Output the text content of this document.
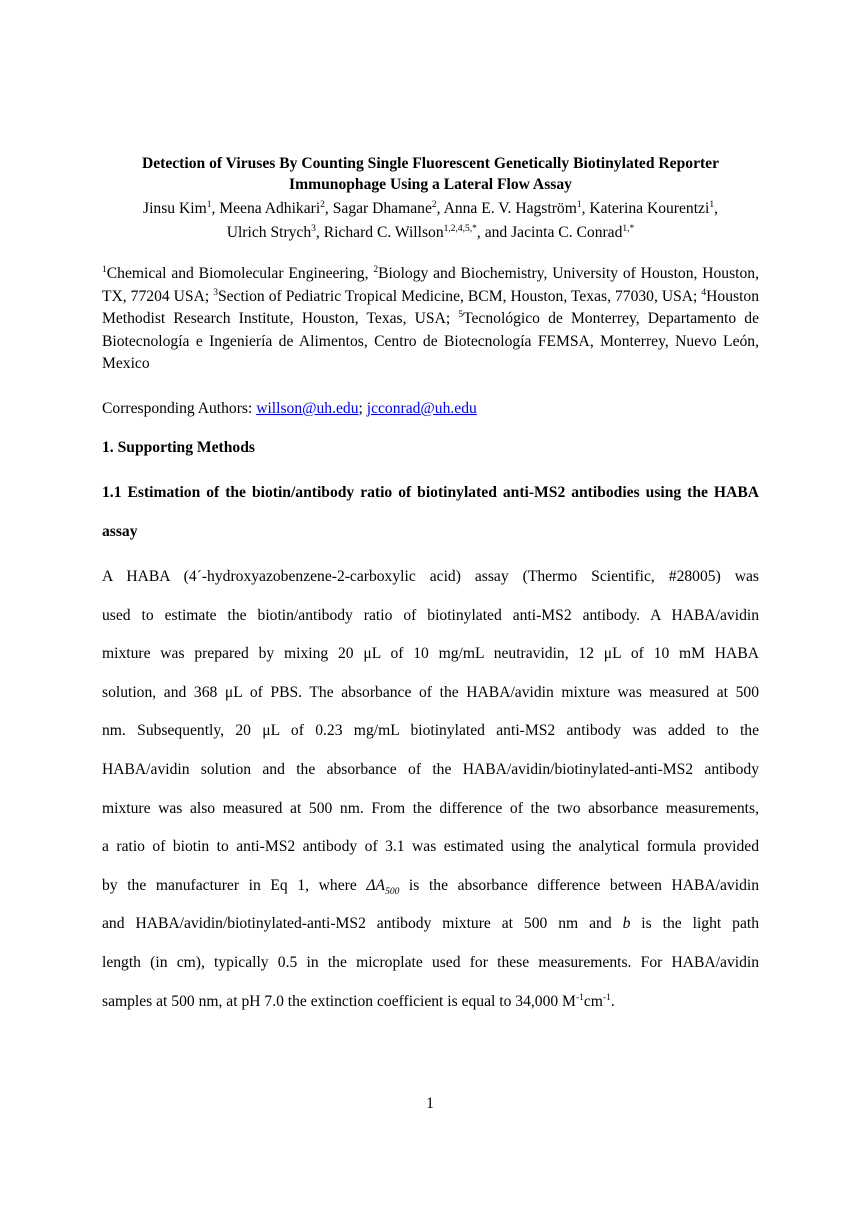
Detection of Viruses By Counting Single Fluorescent Genetically Biotinylated Reporter
Immunophage Using a Lateral Flow Assay
Jinsu Kim$^1$, Meena Adhikari$^2$, Sagar Dhamane$^2$, Anna E. V. Hagström$^1$, Katerina Kourentzi$^1$,
Ulrich Strych$^3$, Richard C. Willson$^{1,2,4,5,*}$, and Jacinta C. Conrad$^{1,*}$
$^1$Chemical and Biomolecular Engineering, $^2$Biology and Biochemistry, University of Houston, Houston, TX, 77204 USA; $^3$Section of Pediatric Tropical Medicine, BCM, Houston, Texas, 77030, USA; $^4$Houston Methodist Research Institute, Houston, Texas, USA; $^5$Tecnológico de Monterrey, Departamento de Biotecnología e Ingeniería de Alimentos, Centro de Biotecnología FEMSA, Monterrey, Nuevo León, Mexico
Corresponding Authors: willson@uh.edu; jcconrad@uh.edu
1. Supporting Methods
1.1 Estimation of the biotin/antibody ratio of biotinylated anti-MS2 antibodies using the HABA assay
A HABA (4´-hydroxyazobenzene-2-carboxylic acid) assay (Thermo Scientific, #28005) was
used to estimate the biotin/antibody ratio of biotinylated anti-MS2 antibody. A HABA/avidin
mixture was prepared by mixing 20 μL of 10 mg/mL neutravidin, 12 μL of 10 mM HABA
solution, and 368 μL of PBS. The absorbance of the HABA/avidin mixture was measured at 500
nm. Subsequently, 20 μL of 0.23 mg/mL biotinylated anti-MS2 antibody was added to the
HABA/avidin solution and the absorbance of the HABA/avidin/biotinylated-anti-MS2 antibody
mixture was also measured at 500 nm. From the difference of the two absorbance measurements,
a ratio of biotin to anti-MS2 antibody of 3.1 was estimated using the analytical formula provided
by the manufacturer in Eq 1, where $\Delta A_{500}$ is the absorbance difference between HABA/avidin
and HABA/avidin/biotinylated-anti-MS2 antibody mixture at 500 nm and b is the light path
length (in cm), typically 0.5 in the microplate used for these measurements. For HABA/avidin
samples at 500 nm, at pH 7.0 the extinction coefficient is equal to 34,000 $M^{-1}cm^{-1}$.
1
